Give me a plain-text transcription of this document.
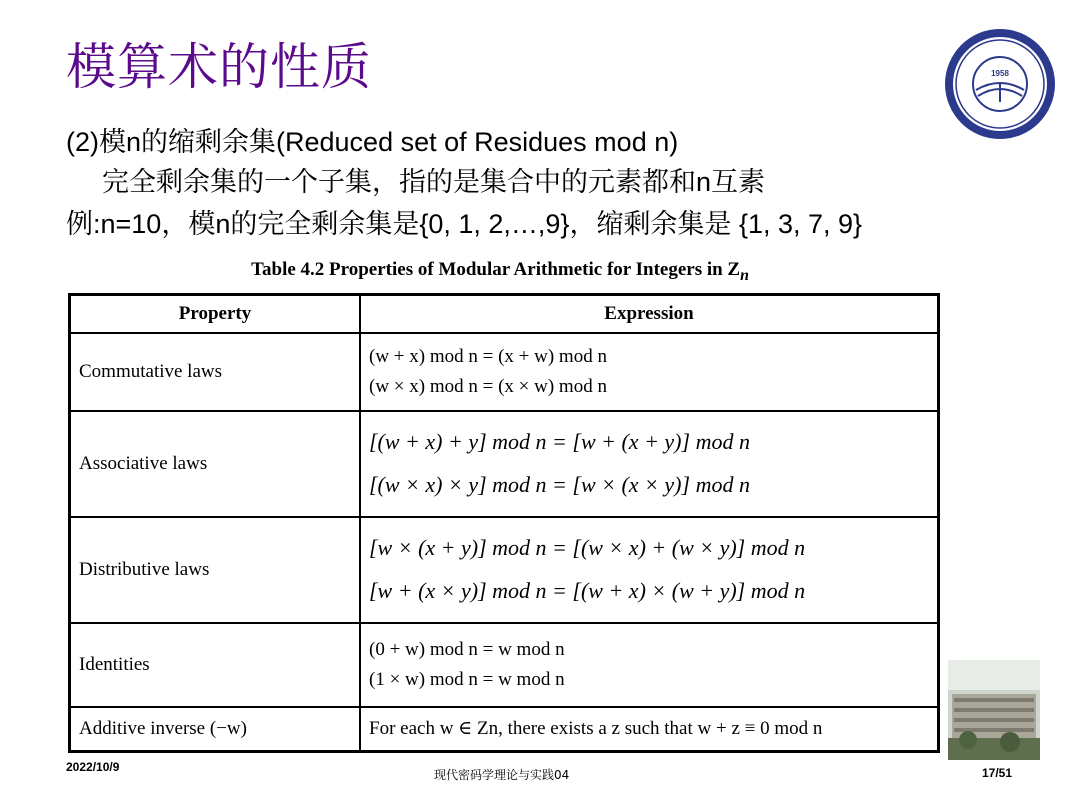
模算术的性质	1958
(2)模n的缩剩余集(Reduced set of Residues mod n)
完全剩余集的一个子集，指的是集合中的元素都和n互素
例:n=10，模n的完全剩余集是{0, 1, 2,…,9}，缩剩余集是 {1, 3, 7, 9}
Table 4.2 Properties of Modular Arithmetic for Integers in $Z_n$
Property	Expression
Commutative laws	(w + x) mod n = (x + w) mod n
(w × x) mod n = (x × w) mod n

Associative laws	[(w + x) + y] mod n = [w + (x + y)] mod n
[(w × x) × y] mod n = [w × (x × y)] mod n

Distributive laws	[w × (x + y)] mod n = [(w × x) + (w × y)] mod n
[w + (x × y)] mod n = [(w + x) × (w + y)] mod n

Identities	(0 + w) mod n = w mod n
(1 × w) mod n = w mod n

Additive inverse (−w)	For each w ∈ Zn, there exists a z such that w + z ≡ 0 mod n
2022/10/9
现代密码学理论与实践04	17/51
